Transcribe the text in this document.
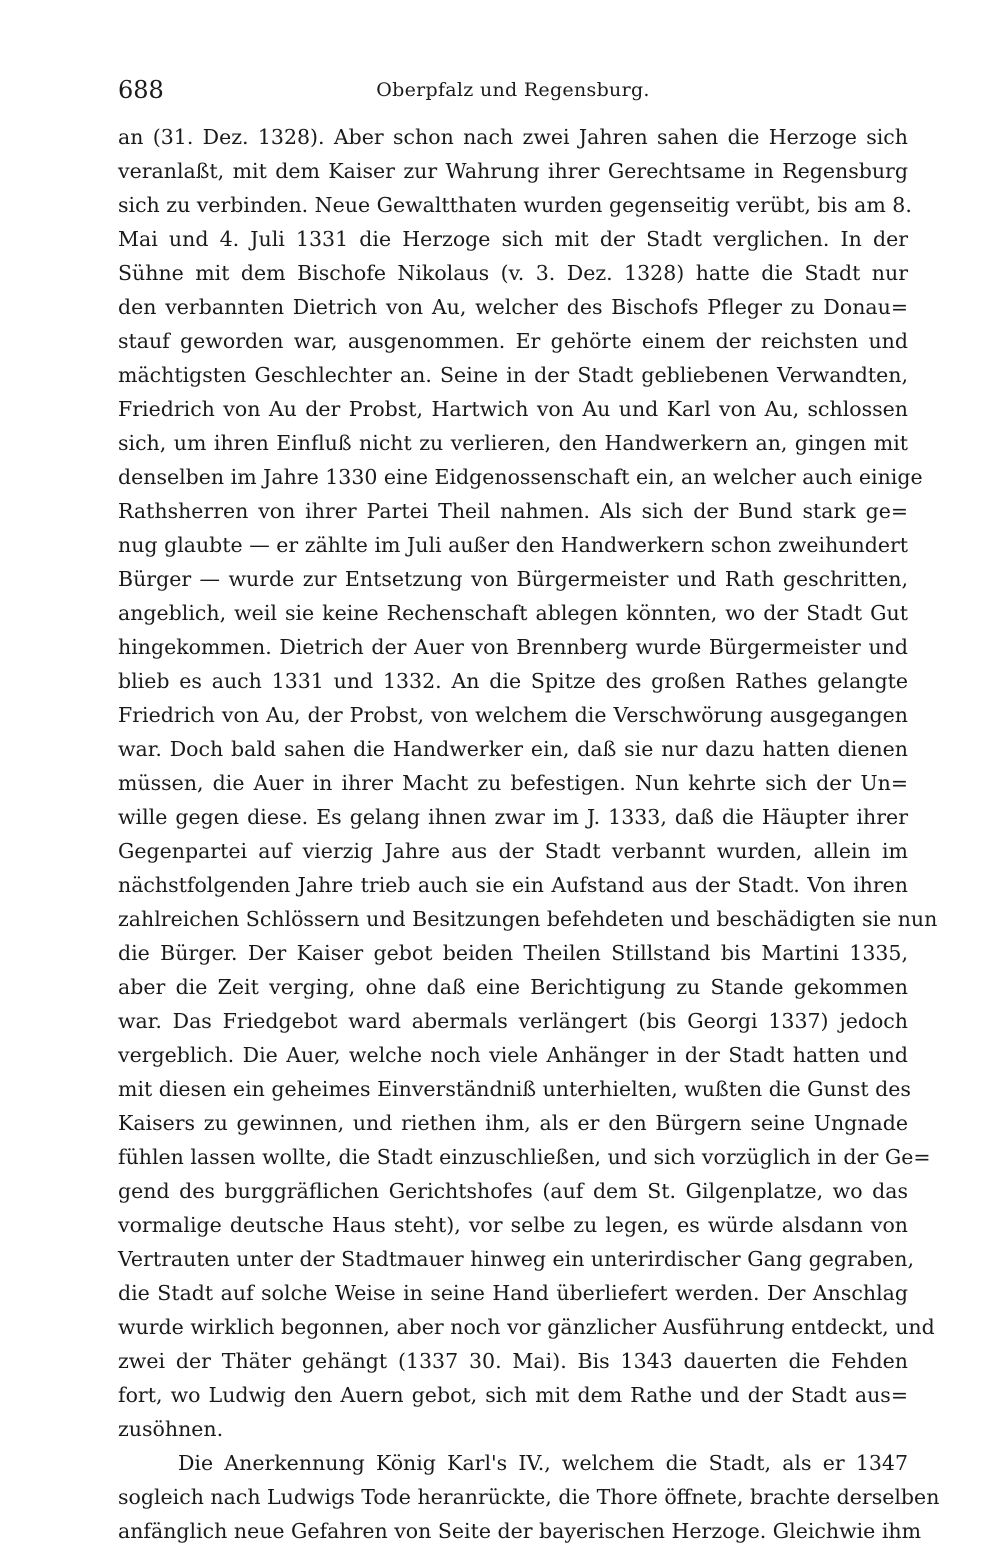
688	Oberpfalz und Regensburg.
an (31. Dez. 1328). Aber schon nach zwei Jahren sahen die Herzoge sich
veranlaßt, mit dem Kaiser zur Wahrung ihrer Gerechtsame in Regensburg
sich zu verbinden. Neue Gewaltthaten wurden gegenseitig verübt, bis am 8.
Mai und 4. Juli 1331 die Herzoge sich mit der Stadt verglichen. In der
Sühne mit dem Bischofe Nikolaus (v. 3. Dez. 1328) hatte die Stadt nur
den verbannten Dietrich von Au, welcher des Bischofs Pfleger zu Donau=
stauf geworden war, ausgenommen. Er gehörte einem der reichsten und
mächtigsten Geschlechter an. Seine in der Stadt gebliebenen Verwandten,
Friedrich von Au der Probst, Hartwich von Au und Karl von Au, schlossen
sich, um ihren Einfluß nicht zu verlieren, den Handwerkern an, gingen mit
denselben im Jahre 1330 eine Eidgenossenschaft ein, an welcher auch einige
Rathsherren von ihrer Partei Theil nahmen. Als sich der Bund stark ge=
nug glaubte — er zählte im Juli außer den Handwerkern schon zweihundert
Bürger — wurde zur Entsetzung von Bürgermeister und Rath geschritten,
angeblich, weil sie keine Rechenschaft ablegen könnten, wo der Stadt Gut
hingekommen. Dietrich der Auer von Brennberg wurde Bürgermeister und
blieb es auch 1331 und 1332. An die Spitze des großen Rathes gelangte
Friedrich von Au, der Probst, von welchem die Verschwörung ausgegangen
war. Doch bald sahen die Handwerker ein, daß sie nur dazu hatten dienen
müssen, die Auer in ihrer Macht zu befestigen. Nun kehrte sich der Un=
wille gegen diese. Es gelang ihnen zwar im J. 1333, daß die Häupter ihrer
Gegenpartei auf vierzig Jahre aus der Stadt verbannt wurden, allein im
nächstfolgenden Jahre trieb auch sie ein Aufstand aus der Stadt. Von ihren
zahlreichen Schlössern und Besitzungen befehdeten und beschädigten sie nun
die Bürger. Der Kaiser gebot beiden Theilen Stillstand bis Martini 1335,
aber die Zeit verging, ohne daß eine Berichtigung zu Stande gekommen
war. Das Friedgebot ward abermals verlängert (bis Georgi 1337) jedoch
vergeblich. Die Auer, welche noch viele Anhänger in der Stadt hatten und
mit diesen ein geheimes Einverständniß unterhielten, wußten die Gunst des
Kaisers zu gewinnen, und riethen ihm, als er den Bürgern seine Ungnade
fühlen lassen wollte, die Stadt einzuschließen, und sich vorzüglich in der Ge=
gend des burggräflichen Gerichtshofes (auf dem St. Gilgenplatze, wo das
vormalige deutsche Haus steht), vor selbe zu legen, es würde alsdann von
Vertrauten unter der Stadtmauer hinweg ein unterirdischer Gang gegraben,
die Stadt auf solche Weise in seine Hand überliefert werden. Der Anschlag
wurde wirklich begonnen, aber noch vor gänzlicher Ausführung entdeckt, und
zwei der Thäter gehängt (1337 30. Mai). Bis 1343 dauerten die Fehden
fort, wo Ludwig den Auern gebot, sich mit dem Rathe und der Stadt aus=
zusöhnen.
Die Anerkennung König Karl's IV., welchem die Stadt, als er 1347
sogleich nach Ludwigs Tode heranrückte, die Thore öffnete, brachte derselben
anfänglich neue Gefahren von Seite der bayerischen Herzoge. Gleichwie ihm
